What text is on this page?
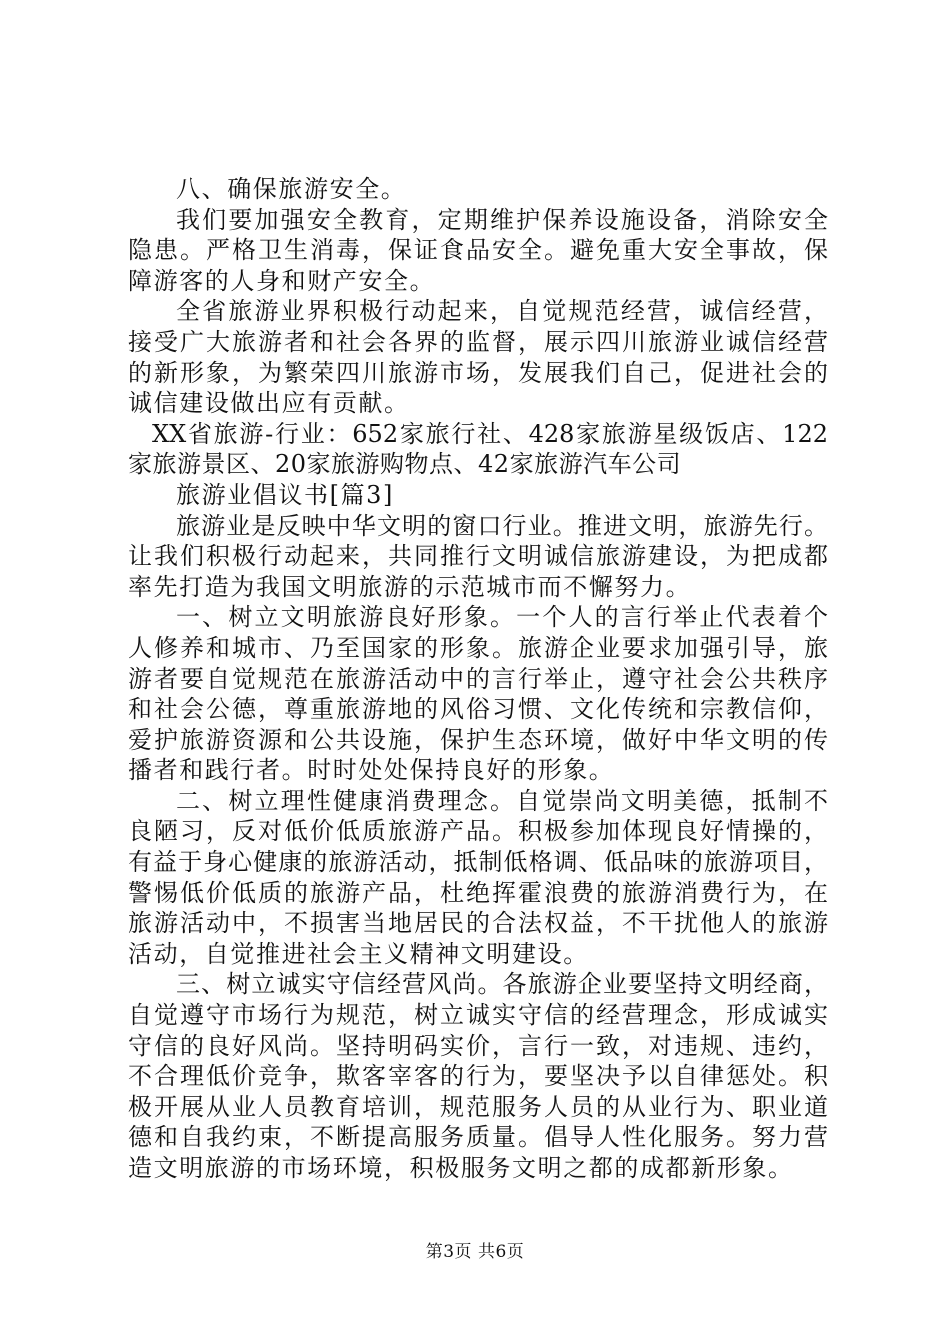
八、确保旅游安全。
我们要加强安全教育，定期维护保养设施设备，消除安全
隐患。严格卫生消毒，保证食品安全。避免重大安全事故，保
障游客的人身和财产安全。
全省旅游业界积极行动起来，自觉规范经营，诚信经营，
接受广大旅游者和社会各界的监督，展示四川旅游业诚信经营
的新形象，为繁荣四川旅游市场，发展我们自己，促进社会的
诚信建设做出应有贡献。
XX省旅游-行业：652家旅行社、428家旅游星级饭店、122
家旅游景区、20家旅游购物点、42家旅游汽车公司
旅游业倡议书[篇3]
旅游业是反映中华文明的窗口行业。推进文明，旅游先行。
让我们积极行动起来，共同推行文明诚信旅游建设，为把成都
率先打造为我国文明旅游的示范城市而不懈努力。
一、树立文明旅游良好形象。一个人的言行举止代表着个
人修养和城市、乃至国家的形象。旅游企业要求加强引导，旅
游者要自觉规范在旅游活动中的言行举止，遵守社会公共秩序
和社会公德，尊重旅游地的风俗习惯、文化传统和宗教信仰，
爱护旅游资源和公共设施，保护生态环境，做好中华文明的传
播者和践行者。时时处处保持良好的形象。
二、树立理性健康消费理念。自觉崇尚文明美德，抵制不
良陋习，反对低价低质旅游产品。积极参加体现良好情操的，
有益于身心健康的旅游活动，抵制低格调、低品味的旅游项目，
警惕低价低质的旅游产品，杜绝挥霍浪费的旅游消费行为，在
旅游活动中，不损害当地居民的合法权益，不干扰他人的旅游
活动，自觉推进社会主义精神文明建设。
三、树立诚实守信经营风尚。各旅游企业要坚持文明经商，
自觉遵守市场行为规范，树立诚实守信的经营理念，形成诚实
守信的良好风尚。坚持明码实价，言行一致，对违规、违约，
不合理低价竞争，欺客宰客的行为，要坚决予以自律惩处。积
极开展从业人员教育培训，规范服务人员的从业行为、职业道
德和自我约束，不断提高服务质量。倡导人性化服务。努力营
造文明旅游的市场环境，积极服务文明之都的成都新形象。
第3页 共6页
